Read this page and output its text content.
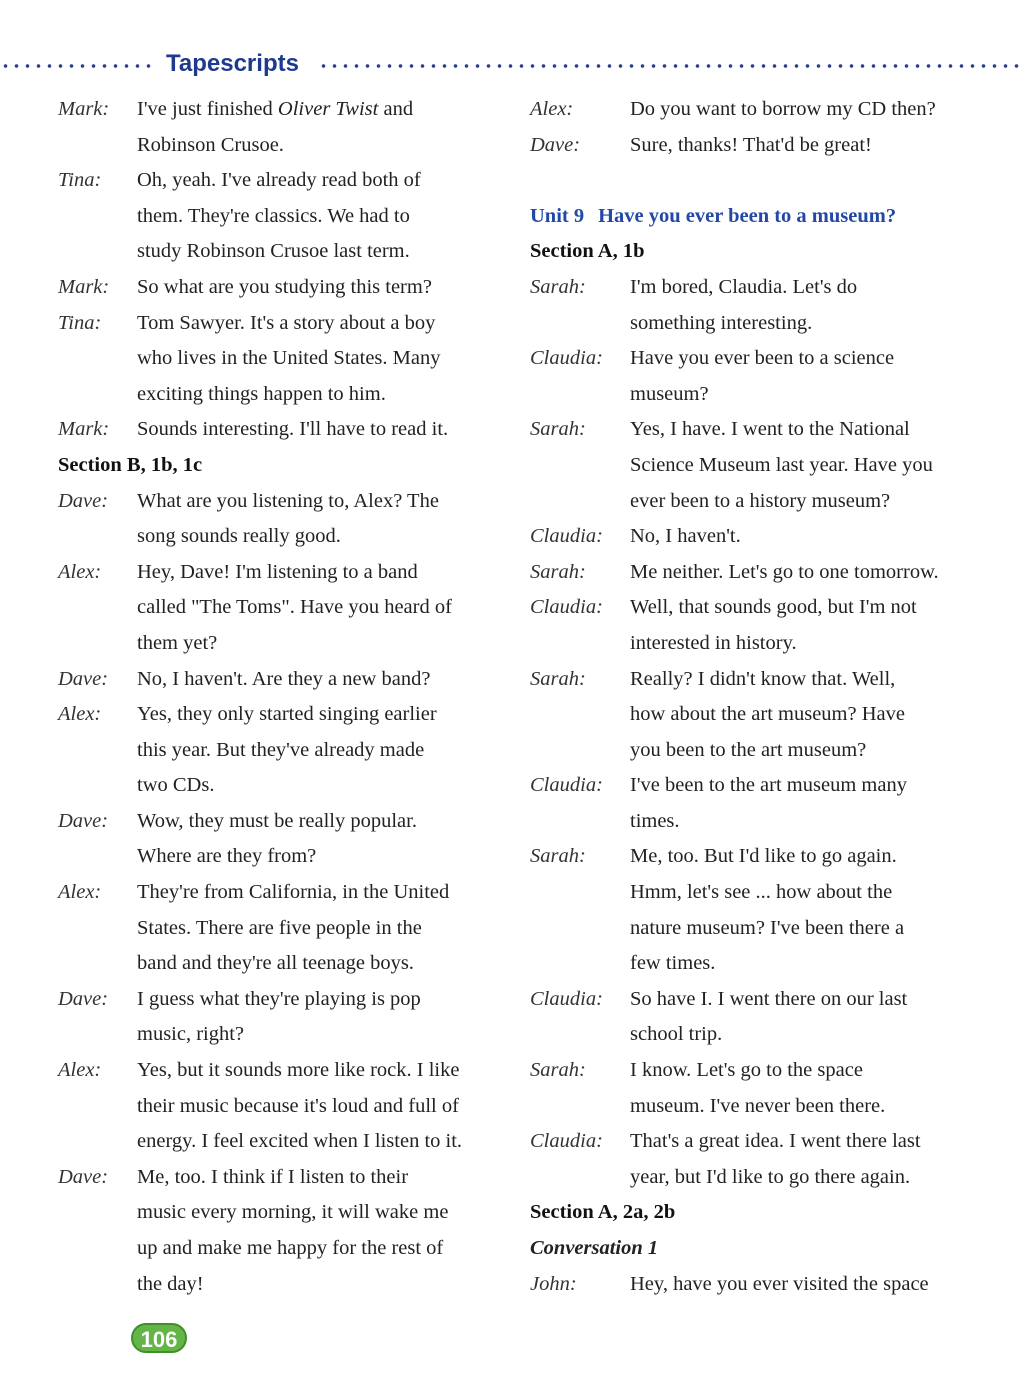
Tapescripts
Mark: I've just finished Oliver Twist and
Robinson Crusoe.
Tina: Oh, yeah. I've already read both of
them. They're classics. We had to
study Robinson Crusoe last term.
Mark: So what are you studying this term?
Tina: Tom Sawyer. It's a story about a boy
who lives in the United States. Many
exciting things happen to him.
Mark: Sounds interesting. I'll have to read it.
Section B, 1b, 1c
Dave: What are you listening to, Alex? The
song sounds really good.
Alex: Hey, Dave! I'm listening to a band
called "The Toms". Have you heard of
them yet?
Dave: No, I haven't. Are they a new band?
Alex: Yes, they only started singing earlier
this year. But they've already made
two CDs.
Dave: Wow, they must be really popular.
Where are they from?
Alex: They're from California, in the United
States. There are five people in the
band and they're all teenage boys.
Dave: I guess what they're playing is pop
music, right?
Alex: Yes, but it sounds more like rock. I like
their music because it's loud and full of
energy. I feel excited when I listen to it.
Dave: Me, too. I think if I listen to their
music every morning, it will wake me
up and make me happy for the rest of
the day!
Alex:	Do you want to borrow my CD then?
Dave: Sure, thanks! That'd be great!
Unit 9 Have you ever been to a museum?
Section A, 1b
Sarah: I'm bored, Claudia. Let's do
something interesting.
Claudia: Have you ever been to a science
museum?
Sarah: Yes, I have. I went to the National
Science Museum last year. Have you
ever been to a history museum?
Claudia: No, I haven't.
Sarah: Me neither. Let's go to one tomorrow.
Claudia: Well, that sounds good, but I'm not
interested in history.
Sarah: Really? I didn't know that. Well,
how about the art museum? Have
you been to the art museum?
Claudia: I've been to the art museum many
times.
Sarah: Me, too. But I'd like to go again.
Hmm, let's see ... how about the
nature museum? I've been there a
few times.
Claudia: So have I. I went there on our last
school trip.
Sarah: I know. Let's go to the space
museum. I've never been there.
Claudia: That's a great idea. I went there last
year, but I'd like to go there again.
Section A, 2a, 2b
Conversation 1
John:	Hey, have you ever visited the space
106
